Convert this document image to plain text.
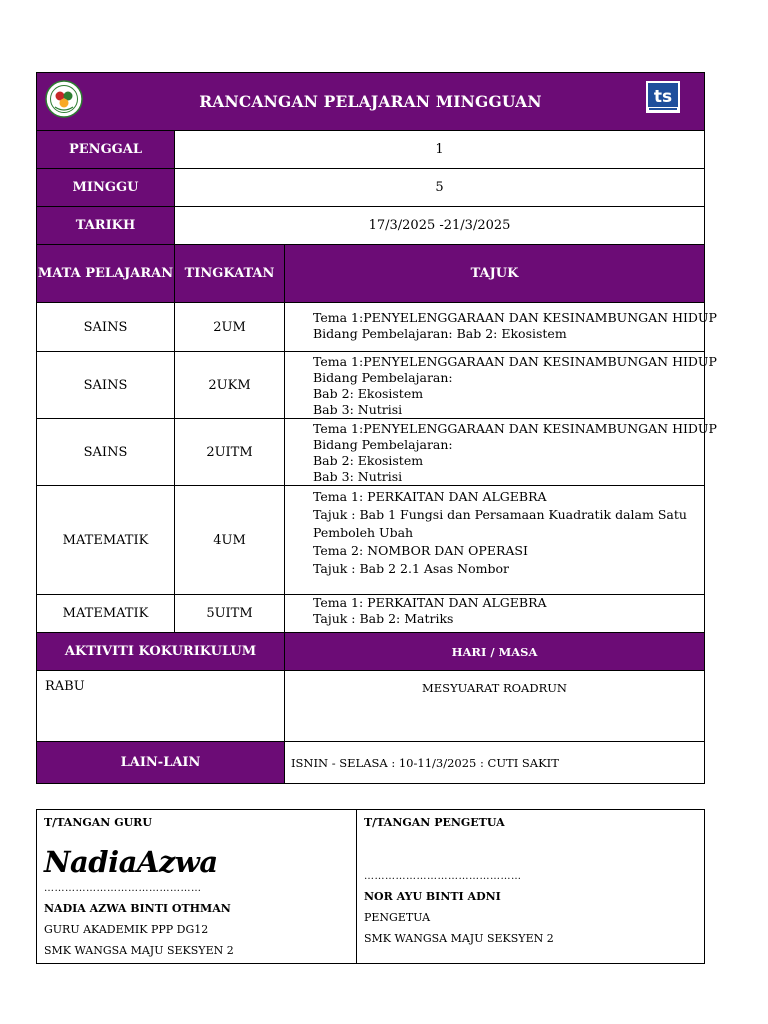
RANCANGAN PELAJARAN MINGGUAN ts		

PENGGAL	1	
MINGGU	5	
TARIKH	17/3/2025 -21/3/2025	
MATA PELAJARAN	TINGKATAN	TAJUK
SAINS	2UM	Tema 1:PENYELENGGARAAN DAN KESINAMBUNGAN HIDUP
Bidang Pembelajaran: Bab 2: Ekosistem

SAINS	2UKM	Tema 1:PENYELENGGARAAN DAN KESINAMBUNGAN HIDUP
Bidang Pembelajaran:
Bab 2: Ekosistem
Bab 3: Nutrisi

SAINS	2UITM	Tema 1:PENYELENGGARAAN DAN KESINAMBUNGAN HIDUP
Bidang Pembelajaran:
Bab 2: Ekosistem
Bab 3: Nutrisi

MATEMATIK	4UM	Tema 1: PERKAITAN DAN ALGEBRA
Tajuk : Bab 1 Fungsi dan Persamaan Kuadratik dalam Satu
Pemboleh Ubah
Tema 2: NOMBOR DAN OPERASI
Tajuk : Bab 2 2.1 Asas Nombor

MATEMATIK	5UITM	Tema 1: PERKAITAN DAN ALGEBRA
Tajuk : Bab 2: Matriks

AKTIVITI KOKURIKULUM		HARI / MASA
RABU		MESYUARAT ROADRUN
LAIN-LAIN		ISNIN - SELASA : 10-11/3/2025 : CUTI SAKIT
T/TANGAN GURU
NadiaAzwa
………………………………………
NADIA AZWA BINTI OTHMAN
GURU AKADEMIK PPP DG12
SMK WANGSA MAJU SEKSYEN 2

T/TANGAN PENGETUA
………………………………………
NOR AYU BINTI ADNI
PENGETUA
SMK WANGSA MAJU SEKSYEN 2
